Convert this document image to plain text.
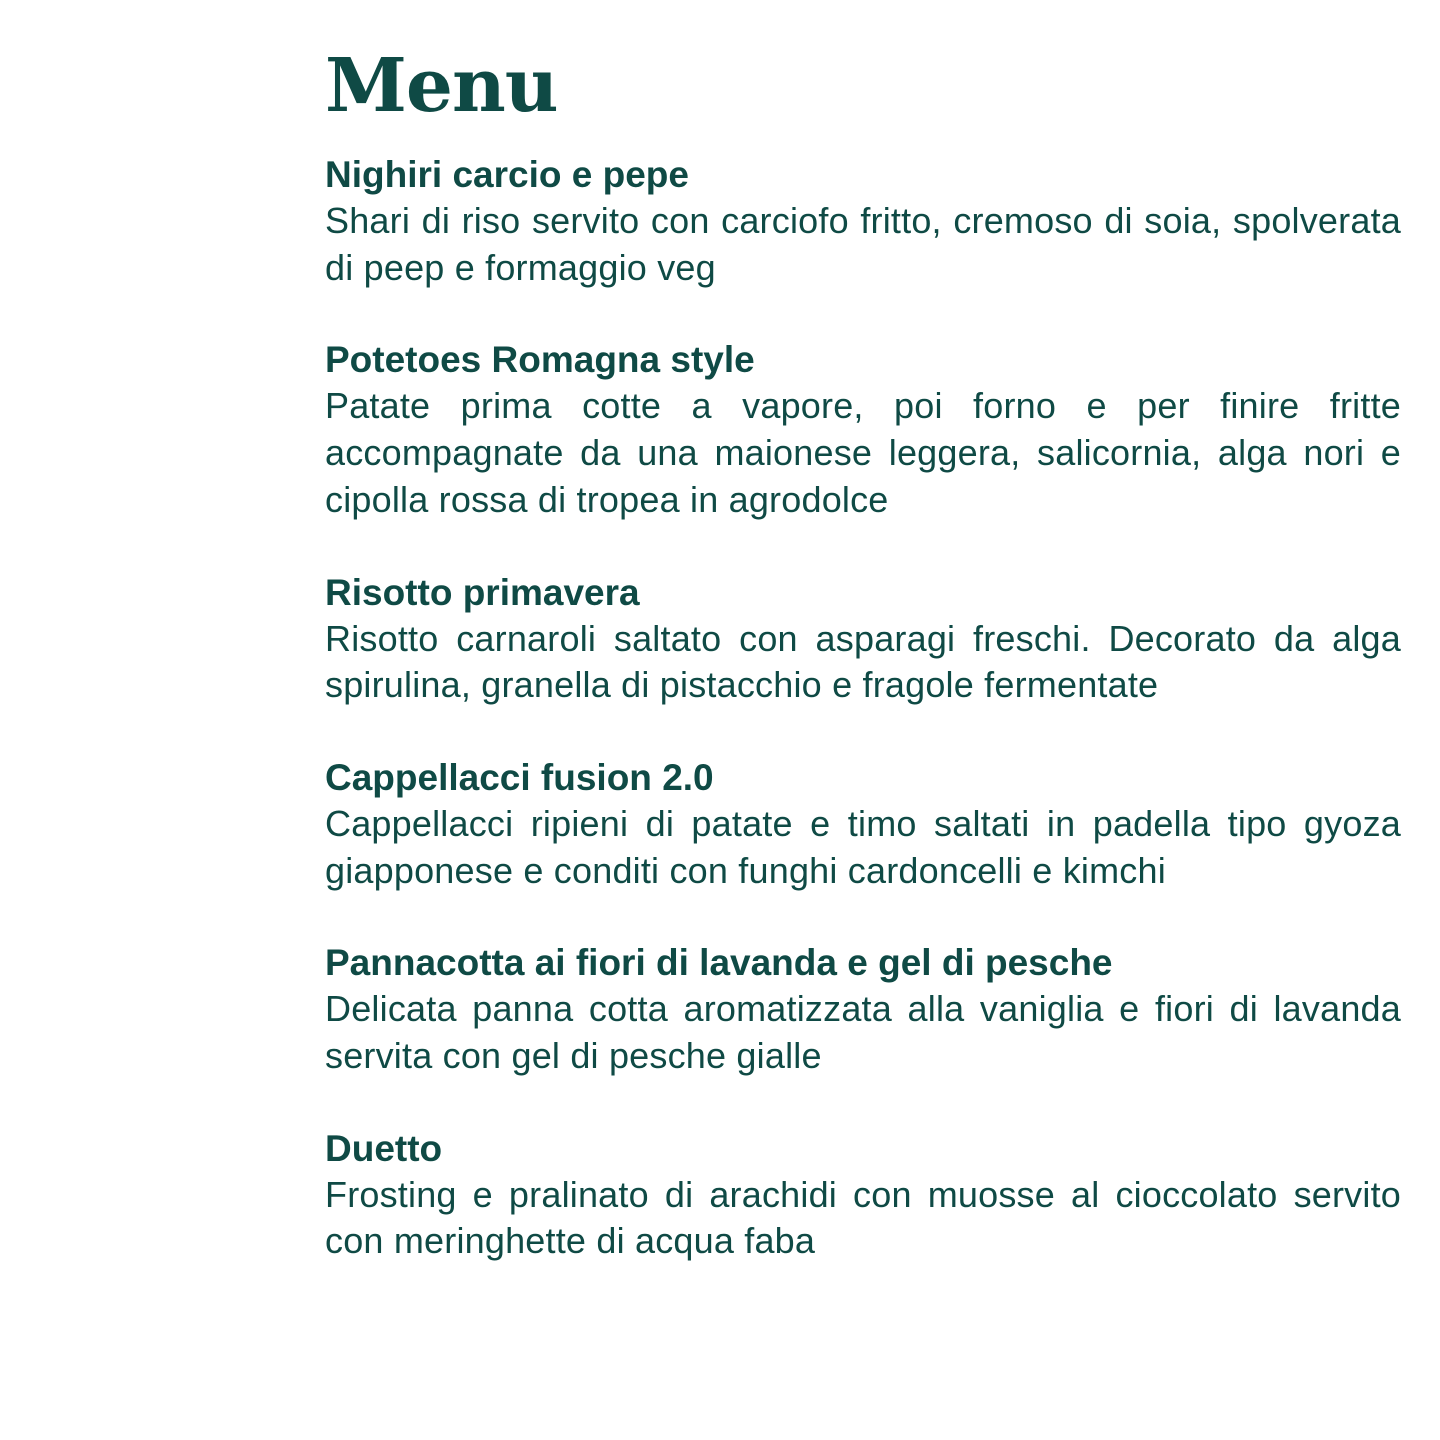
Menu

Nighiri carcio e pepe

Shari di riso servito con carciofo fritto, cremoso di soia, spolverata di peep e formaggio veg

Potetoes Romagna style

Patate prima cotte a vapore, poi forno e per finire fritte accompagnate da una maionese leggera, salicornia, alga nori e cipolla rossa di tropea in agrodolce

Risotto primavera

Risotto carnaroli saltato con asparagi freschi. Decorato da alga spirulina, granella di pistacchio e fragole fermentate

Cappellacci fusion 2.0

Cappellacci ripieni di patate e timo saltati in padella tipo gyoza giapponese e conditi con funghi cardoncelli e kimchi

Pannacotta ai fiori di lavanda e gel di pesche

Delicata panna cotta aromatizzata alla vaniglia e fiori di lavanda servita con gel di pesche gialle

Duetto

Frosting e pralinato di arachidi con muosse al cioccolato servito con meringhette di acqua faba
